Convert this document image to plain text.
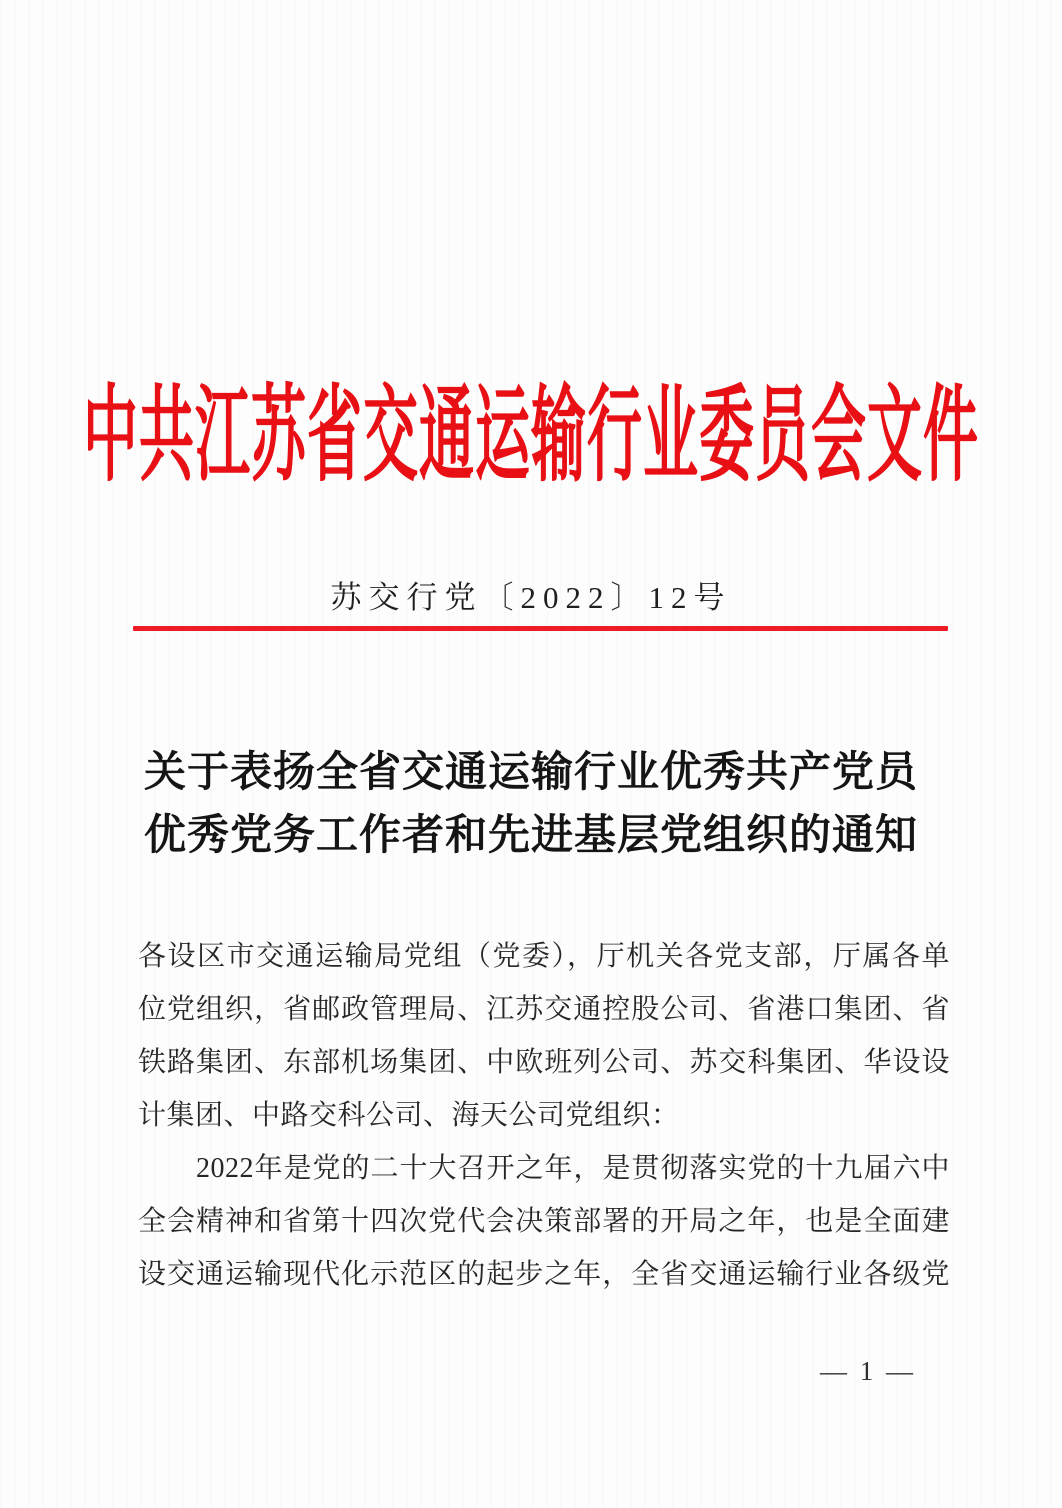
中共江苏省交通运输行业委员会文件
苏交行党〔2022〕12号
关于表扬全省交通运输行业优秀共产党员
优秀党务工作者和先进基层党组织的通知
各设区市交通运输局党组（党委），厅机关各党支部，厅属各单
位党组织，省邮政管理局、江苏交通控股公司、省港口集团、省
铁路集团、东部机场集团、中欧班列公司、苏交科集团、华设设
计集团、中路交科公司、海天公司党组织：
2022年是党的二十大召开之年，是贯彻落实党的十九届六中
全会精神和省第十四次党代会决策部署的开局之年，也是全面建
设交通运输现代化示范区的起步之年，全省交通运输行业各级党
— 1 —
